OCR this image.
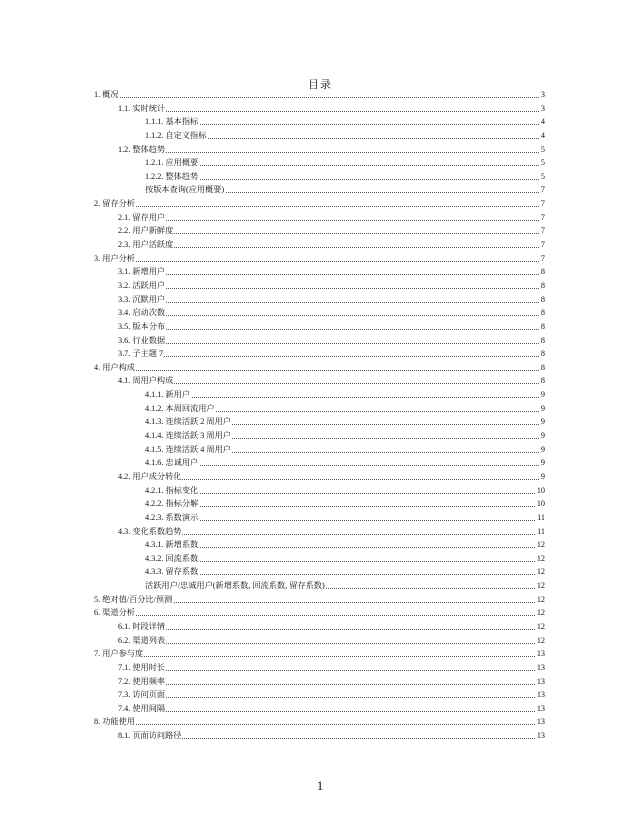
目录
1. 概况	3
1.1. 实时统计	3
1.1.1. 基本指标	4
1.1.2. 自定义指标	4
1.2. 整体趋势	5
1.2.1. 应用概要	5
1.2.2. 整体趋势	5
按版本查询(应用概要)	7
2. 留存分析	7
2.1. 留存用户	7
2.2. 用户新鲜度	7
2.3. 用户活跃度	7
3. 用户分析	7
3.1. 新增用户	8
3.2. 活跃用户	8
3.3. 沉默用户	8
3.4. 启动次数	8
3.5. 版本分布	8
3.6. 行业数据	8
3.7. 子主题 7	8
4. 用户构成	8
4.1. 周用户构成	8
4.1.1. 新用户	9
4.1.2. 本周回流用户	9
4.1.3. 连续活跃 2 周用户	9
4.1.4. 连续活跃 3 周用户	9
4.1.5. 连续活跃 4 周用户	9
4.1.6. 忠诚用户	9
4.2. 用户成分转化	9
4.2.1. 指标变化	10
4.2.2. 指标分解	10
4.2.3. 系数演示	11
4.3. 变化系数趋势	11
4.3.1. 新增系数	12
4.3.2. 回流系数	12
4.3.3. 留存系数	12
活跃用户/忠诚用户(新增系数, 回流系数, 留存系数)	12
5. 绝对值/百分比/预测	12
6. 渠道分析	12
6.1. 时段详情	12
6.2. 渠道列表	12
7. 用户参与度	13
7.1. 使用时长	13
7.2. 使用频率	13
7.3. 访问页面	13
7.4. 使用间隔	13
8. 功能使用	13
8.1. 页面访问路径	13
1
